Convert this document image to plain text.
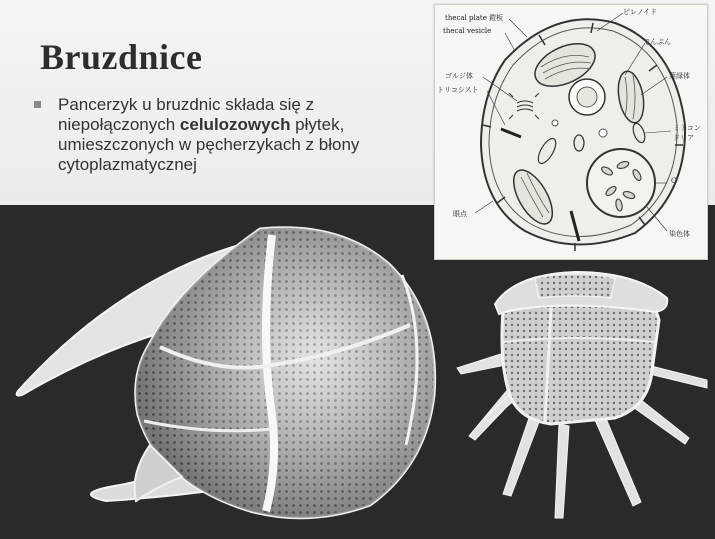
Bruzdnice
Pancerzyk u bruzdnic składa się z niepołączonych celulozowych płytek, umieszczonych w pęcherzykach z błony cytoplazmatycznej
thecal plate 鎧板
thecal vesicle
ピレノイド
でんぷん
ゴルジ体
トリコシスト
葉緑体
ミトコンドリア
C
眼点
染色体
